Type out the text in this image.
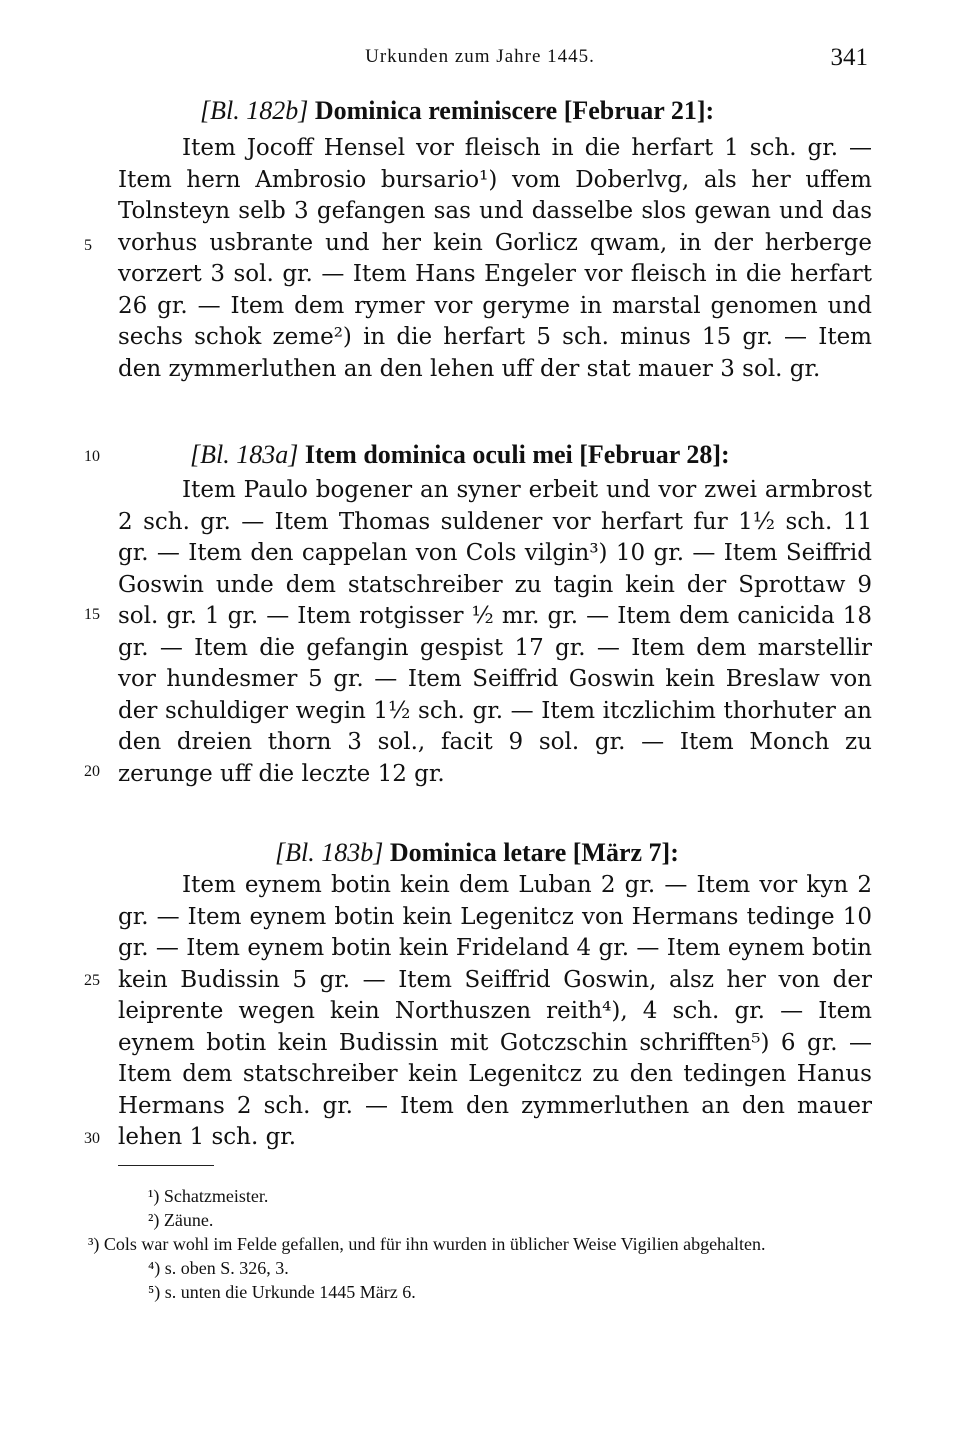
Urkunden zum Jahre 1445.	341
[Bl. 182b] Dominica reminiscere [Februar 21]:
Item Jocoff Hensel vor fleisch in die herfart 1 sch. gr. — Item hern Ambrosio bursario¹) vom Doberlvg, als her uffem Tolnsteyn selb 3 gefangen sas und dasselbe slos gewan und das vorhus usbrante und her kein Gorlicz qwam, in der herberge vorzert 3 sol. gr. — Item Hans Engeler vor fleisch in die herfart 26 gr. — Item dem rymer vor geryme in marstal genomen und sechs schok zeme²) in die herfart 5 sch. minus 15 gr. — Item den zymmerluthen an den lehen uff der stat mauer 3 sol. gr.
[Bl. 183a] Item dominica oculi mei [Februar 28]:
Item Paulo bogener an syner erbeit und vor zwei armbrost 2 sch. gr. — Item Thomas suldener vor herfart fur 1½ sch. 11 gr. — Item den cappelan von Cols vilgin³) 10 gr. — Item Seiffrid Goswin unde dem statschreiber zu tagin kein der Sprottaw 9 sol. gr. 1 gr. — Item rotgisser ½ mr. gr. — Item dem canicida 18 gr. — Item die gefangin gespist 17 gr. — Item dem marstellir vor hundesmer 5 gr. — Item Seiffrid Goswin kein Breslaw von der schuldiger wegin 1½ sch. gr. — Item itczlichim thorhuter an den dreien thorn 3 sol., facit 9 sol. gr. — Item Monch zu zerunge uff die leczte 12 gr.
[Bl. 183b] Dominica letare [März 7]:
Item eynem botin kein dem Luban 2 gr. — Item vor kyn 2 gr. — Item eynem botin kein Legenitcz von Hermans tedinge 10 gr. — Item eynem botin kein Frideland 4 gr. — Item eynem botin kein Budissin 5 gr. — Item Seiffrid Goswin, alsz her von der leiprente wegen kein Northuszen reith⁴), 4 sch. gr. — Item eynem botin kein Budissin mit Gotczschin schrifften⁵) 6 gr. — Item dem statschreiber kein Legenitcz zu den tedingen Hanus Hermans 2 sch. gr. — Item den zymmerluthen an den mauer lehen 1 sch. gr.
5
10
15
20
25
30
¹) Schatzmeister.
²) Zäune.
³) Cols war wohl im Felde gefallen, und für ihn wurden in üblicher Weise Vigilien abgehalten.
⁴) s. oben S. 326, 3.
⁵) s. unten die Urkunde 1445 März 6.
